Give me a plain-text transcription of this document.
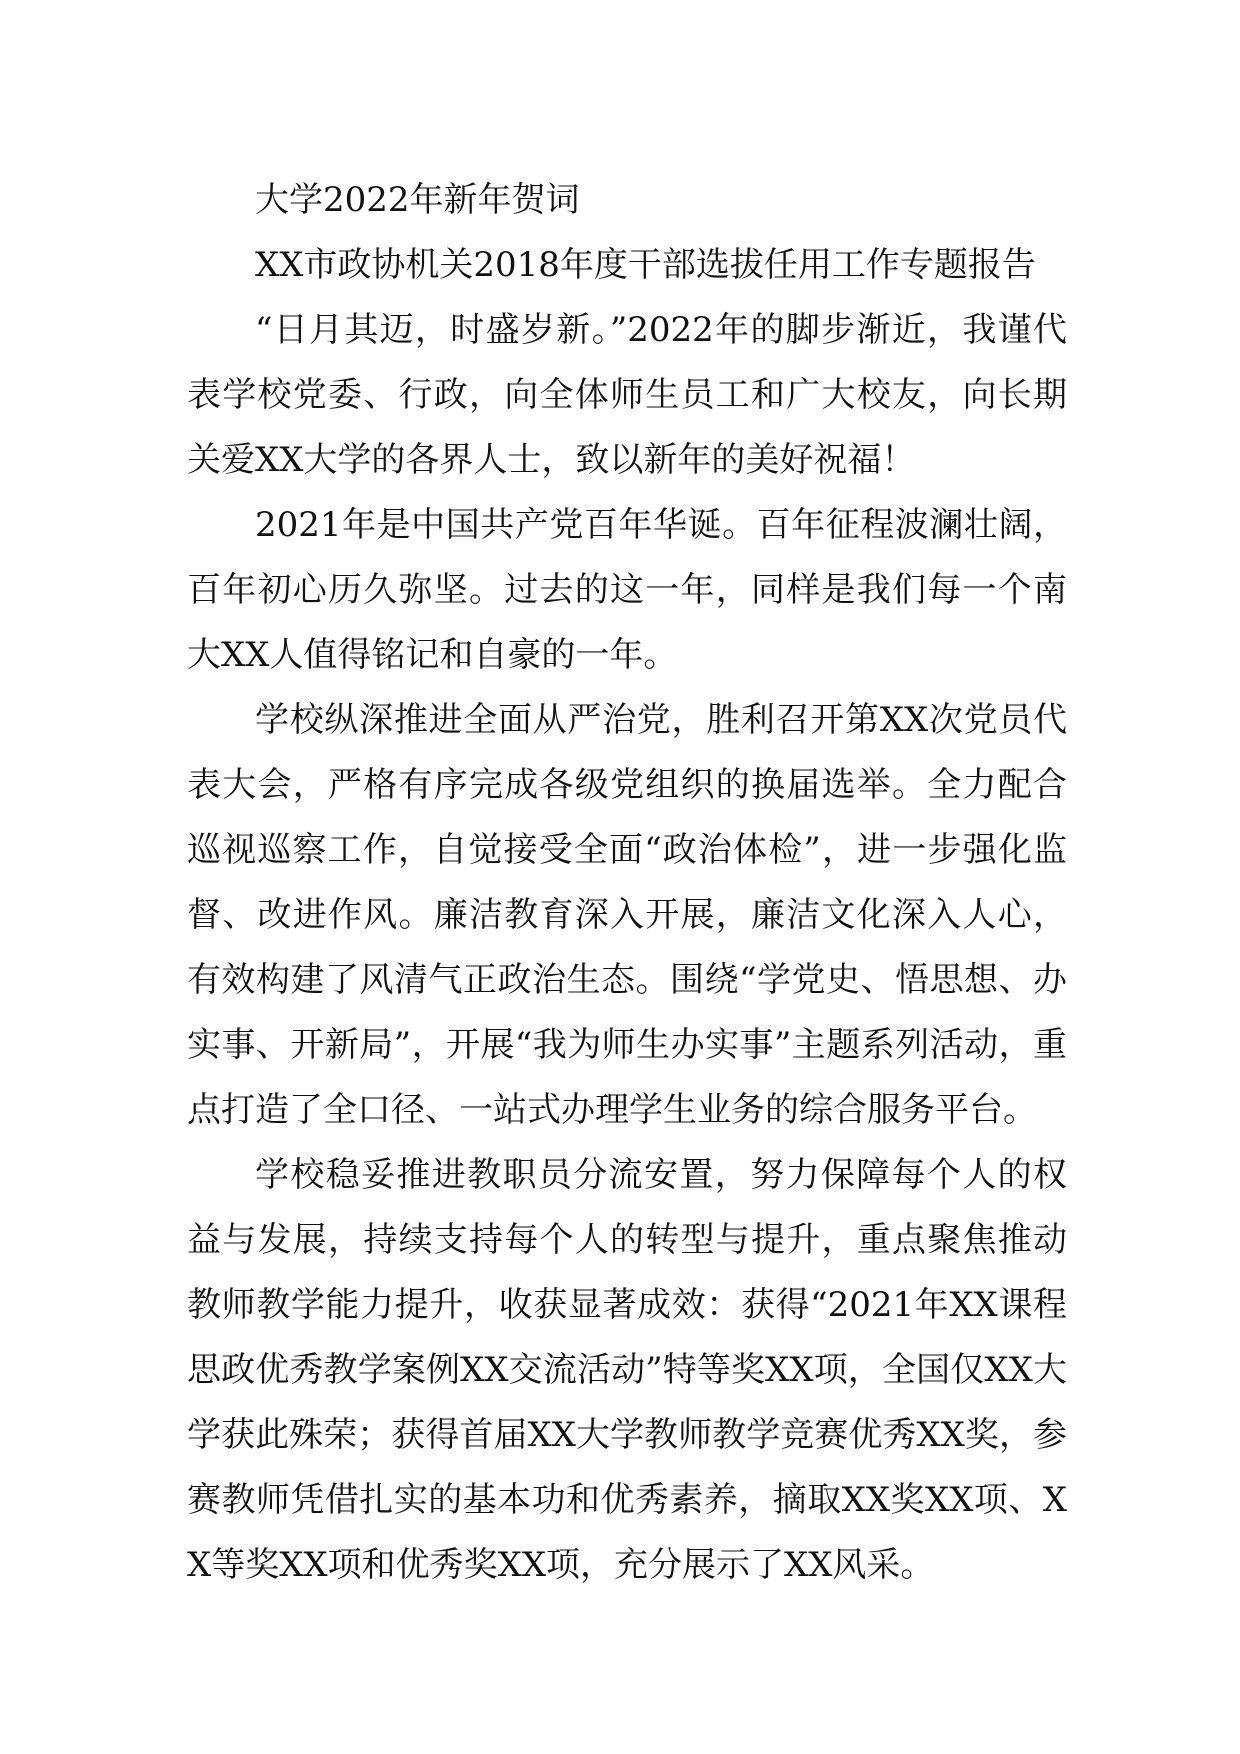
大学2022年新年贺词

XX市政协机关2018年度干部选拔任用工作专题报告

“日月其迈，时盛岁新。”2022年的脚步渐近，我谨代表学校党委、行政，向全体师生员工和广大校友，向长期关爱XX大学的各界人士，致以新年的美好祝福！

2021年是中国共产党百年华诞。百年征程波澜壮阔，百年初心历久弥坚。过去的这一年，同样是我们每一个南大XX人值得铭记和自豪的一年。

学校纵深推进全面从严治党，胜利召开第XX次党员代表大会，严格有序完成各级党组织的换届选举。全力配合巡视巡察工作，自觉接受全面“政治体检”，进一步强化监督、改进作风。廉洁教育深入开展，廉洁文化深入人心，有效构建了风清气正政治生态。围绕“学党史、悟思想、办实事、开新局”，开展“我为师生办实事”主题系列活动，重点打造了全口径、一站式办理学生业务的综合服务平台。

学校稳妥推进教职员分流安置，努力保障每个人的权益与发展，持续支持每个人的转型与提升，重点聚焦推动教师教学能力提升，收获显著成效：获得“2021年XX课程思政优秀教学案例XX交流活动”特等奖XX项，全国仅XX大学获此殊荣；获得首届XX大学教师教学竞赛优秀XX奖，参赛教师凭借扎实的基本功和优秀素养，摘取XX奖XX项、XX等奖XX项和优秀奖XX项，充分展示了XX风采。
